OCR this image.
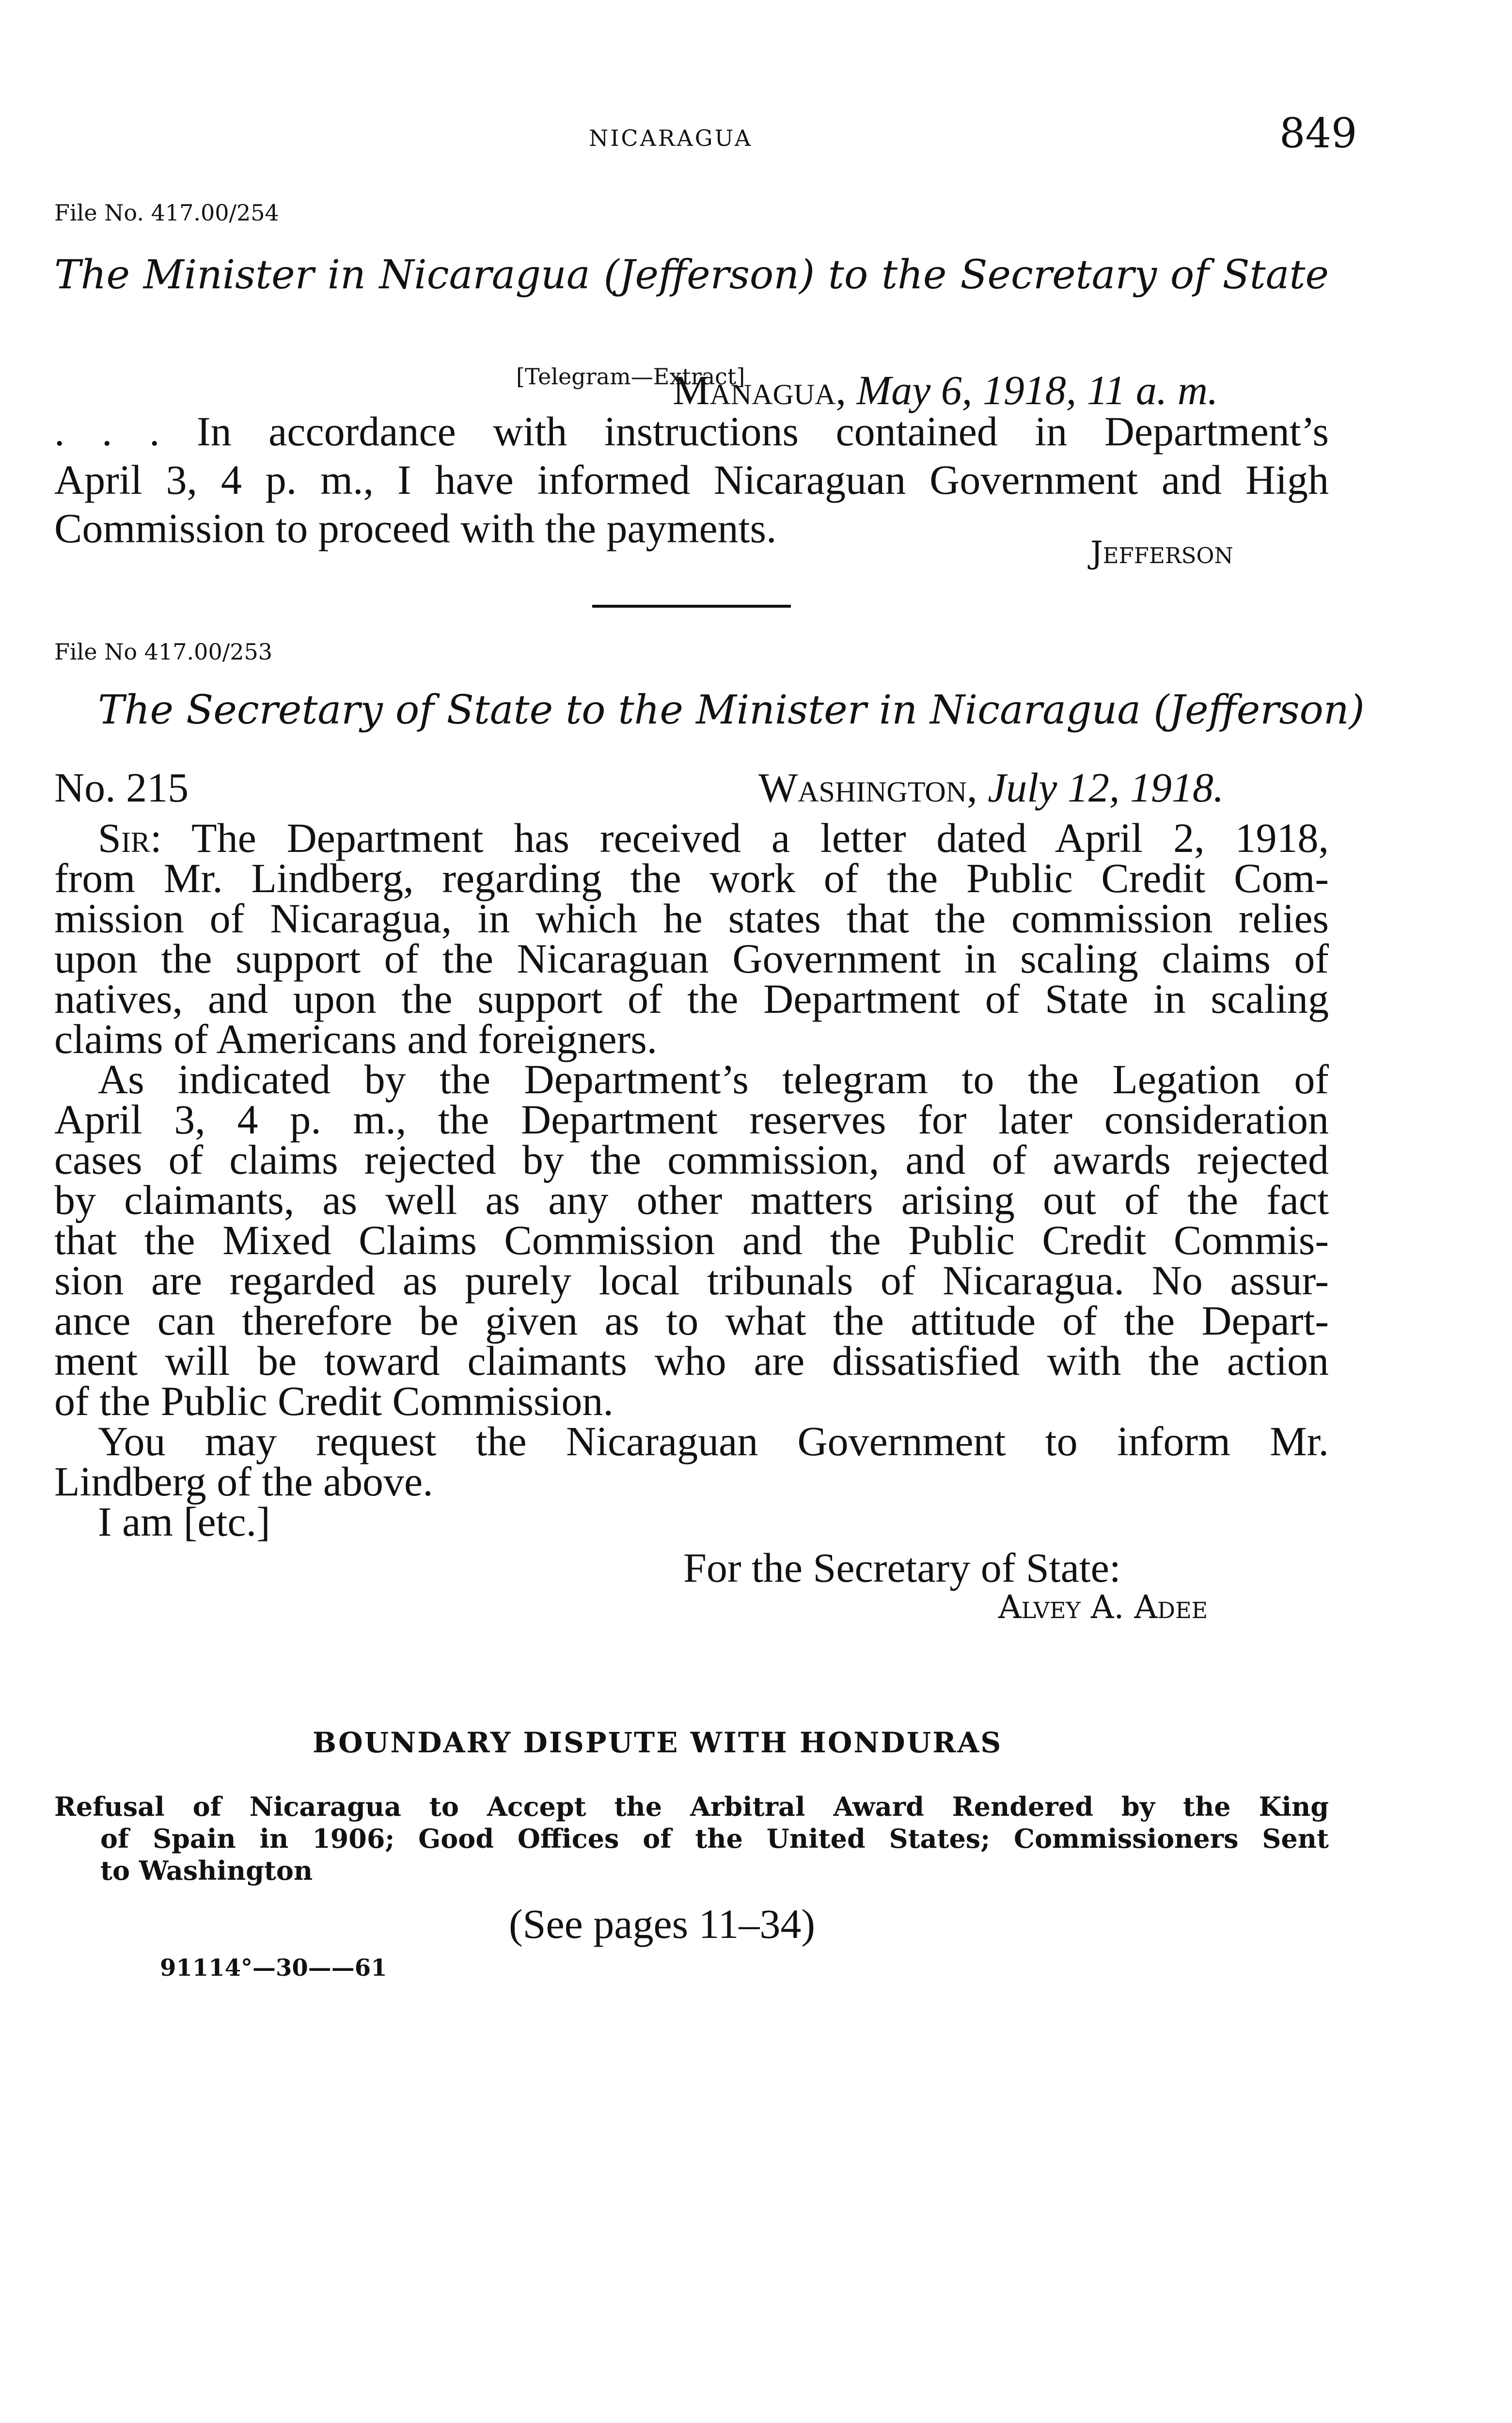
NICARAGUA	849
File No. 417.00/254
The Minister in Nicaragua (Jefferson) to the Secretary of State
[Telegram—Extract]
Managua, May 6, 1918, 11 a. m.
. . . In accordance with instructions contained in Department’s
April 3, 4 p. m., I have informed Nicaraguan Government and High
Commission to proceed with the payments.
Jefferson
File No 417.00/253
The Secretary of State to the Minister in Nicaragua (Jefferson)
No. 215	Washington, July 12, 1918.
Sir: The Department has received a letter dated April 2, 1918,
from Mr. Lindberg, regarding the work of the Public Credit Com-
mission of Nicaragua, in which he states that the commission relies
upon the support of the Nicaraguan Government in scaling claims of
natives, and upon the support of the Department of State in scaling
claims of Americans and foreigners.
As indicated by the Department’s telegram to the Legation of
April 3, 4 p. m., the Department reserves for later consideration
cases of claims rejected by the commission, and of awards rejected
by claimants, as well as any other matters arising out of the fact
that the Mixed Claims Commission and the Public Credit Commis-
sion are regarded as purely local tribunals of Nicaragua. No assur-
ance can therefore be given as to what the attitude of the Depart-
ment will be toward claimants who are dissatisfied with the action
of the Public Credit Commission.
You may request the Nicaraguan Government to inform Mr.
Lindberg of the above.
I am [etc.]
For the Secretary of State:
Alvey A. Adee
BOUNDARY DISPUTE WITH HONDURAS
Refusal of Nicaragua to Accept the Arbitral Award Rendered by the King
of Spain in 1906; Good Offices of the United States; Commissioners Sent
to Washington
(See pages 11–34)
91114°—30——61
